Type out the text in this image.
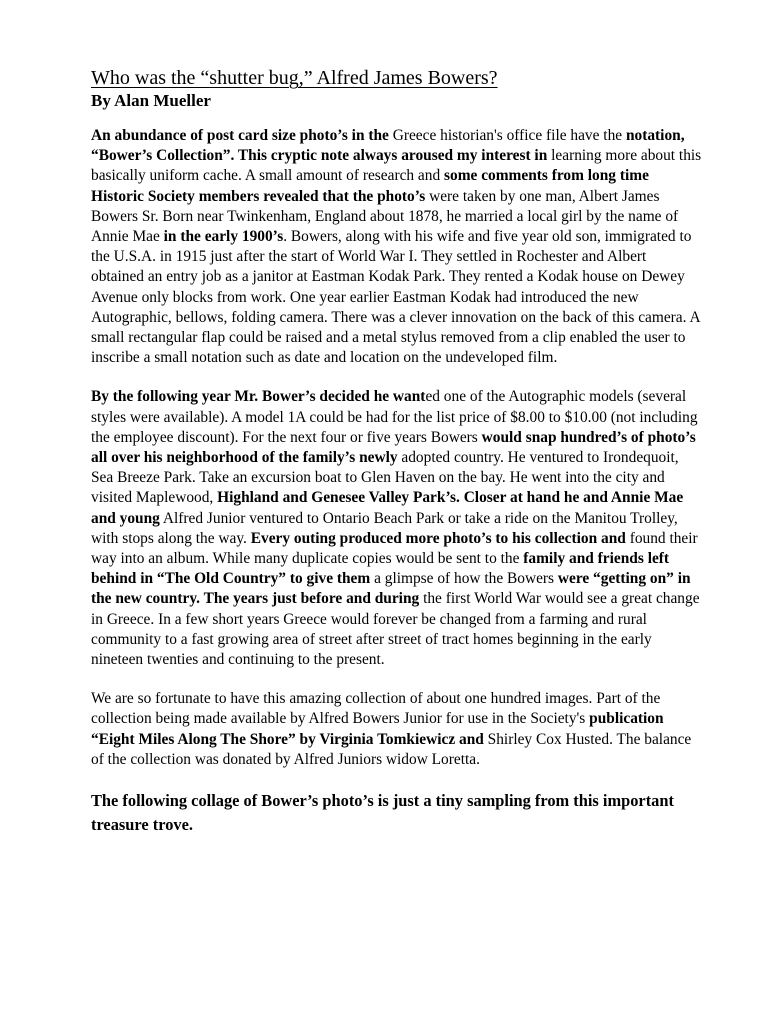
Who was the “shutter bug,” Alfred James Bowers?
By Alan Mueller

An abundance of post card size photo’s in the Greece historian's office file have the notation, “Bower’s Collection”. This cryptic note always aroused my interest in learning more about this basically uniform cache. A small amount of research and some comments from long time Historic Society members revealed that the photo’s were taken by one man, Albert James Bowers Sr. Born near Twinkenham, England about 1878, he married a local girl by the name of Annie Mae in the early 1900’s. Bowers, along with his wife and five year old son, immigrated to the U.S.A. in 1915 just after the start of World War I. They settled in Rochester and Albert obtained an entry job as a janitor at Eastman Kodak Park. They rented a Kodak house on Dewey Avenue only blocks from work. One year earlier Eastman Kodak had introduced the new Autographic, bellows, folding camera. There was a clever innovation on the back of this camera. A small rectangular flap could be raised and a metal stylus removed from a clip enabled the user to inscribe a small notation such as date and location on the undeveloped film.

By the following year Mr. Bower’s decided he wanted one of the Autographic models (several styles were available). A model 1A could be had for the list price of $8.00 to $10.00 (not including the employee discount). For the next four or five years Bowers would snap hundred’s of photo’s all over his neighborhood of the family’s newly adopted country. He ventured to Irondequoit, Sea Breeze Park. Take an excursion boat to Glen Haven on the bay. He went into the city and visited Maplewood, Highland and Genesee Valley Park’s. Closer at hand he and Annie Mae and young Alfred Junior ventured to Ontario Beach Park or take a ride on the Manitou Trolley, with stops along the way. Every outing produced more photo’s to his collection and found their way into an album. While many duplicate copies would be sent to the family and friends left behind in “The Old Country” to give them a glimpse of how the Bowers were “getting on” in the new country. The years just before and during the first World War would see a great change in Greece. In a few short years Greece would forever be changed from a farming and rural community to a fast growing area of street after street of tract homes beginning in the early nineteen twenties and continuing to the present.

We are so fortunate to have this amazing collection of about one hundred images. Part of the collection being made available by Alfred Bowers Junior for use in the Society's publication “Eight Miles Along The Shore” by Virginia Tomkiewicz and Shirley Cox Husted. The balance of the collection was donated by Alfred Juniors widow Loretta.

The following collage of Bower’s photo’s is just a tiny sampling from this important treasure trove.
